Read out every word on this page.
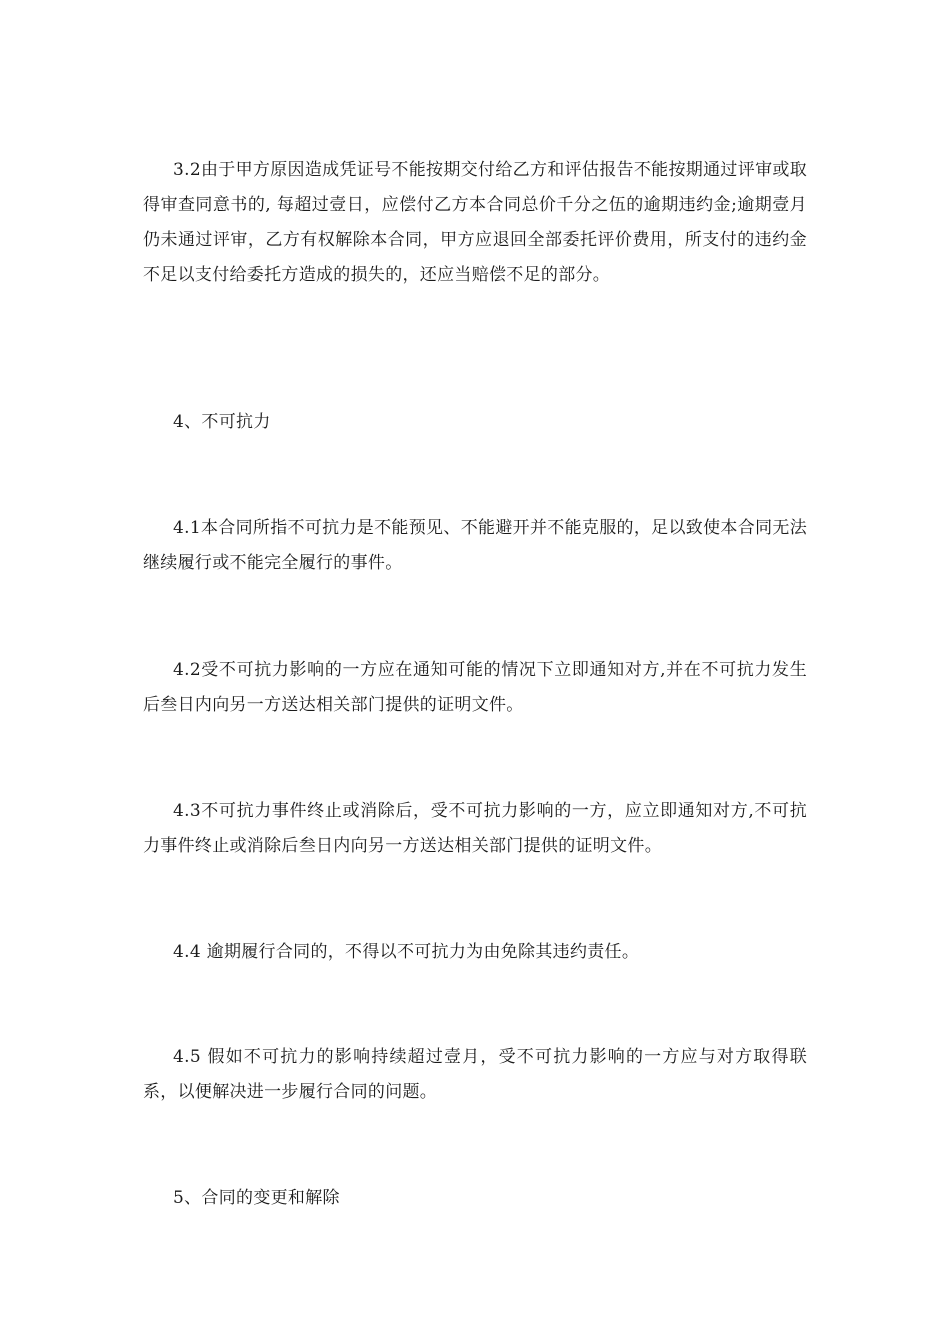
3.2由于甲方原因造成凭证号不能按期交付给乙方和评估报告不能按期通过评审或取得审查同意书的, 每超过壹日，应偿付乙方本合同总价千分之伍的逾期违约金;逾期壹月仍未通过评审，乙方有权解除本合同，甲方应退回全部委托评价费用，所支付的违约金不足以支付给委托方造成的损失的，还应当赔偿不足的部分。

4、不可抗力

4.1本合同所指不可抗力是不能预见、不能避开并不能克服的，足以致使本合同无法继续履行或不能完全履行的事件。

4.2受不可抗力影响的一方应在通知可能的情况下立即通知对方,并在不可抗力发生后叁日内向另一方送达相关部门提供的证明文件。

4.3不可抗力事件终止或消除后，受不可抗力影响的一方，应立即通知对方,不可抗力事件终止或消除后叁日内向另一方送达相关部门提供的证明文件。

4.4 逾期履行合同的，不得以不可抗力为由免除其违约责任。

4.5 假如不可抗力的影响持续超过壹月，受不可抗力影响的一方应与对方取得联系，以便解决进一步履行合同的问题。

5、合同的变更和解除
